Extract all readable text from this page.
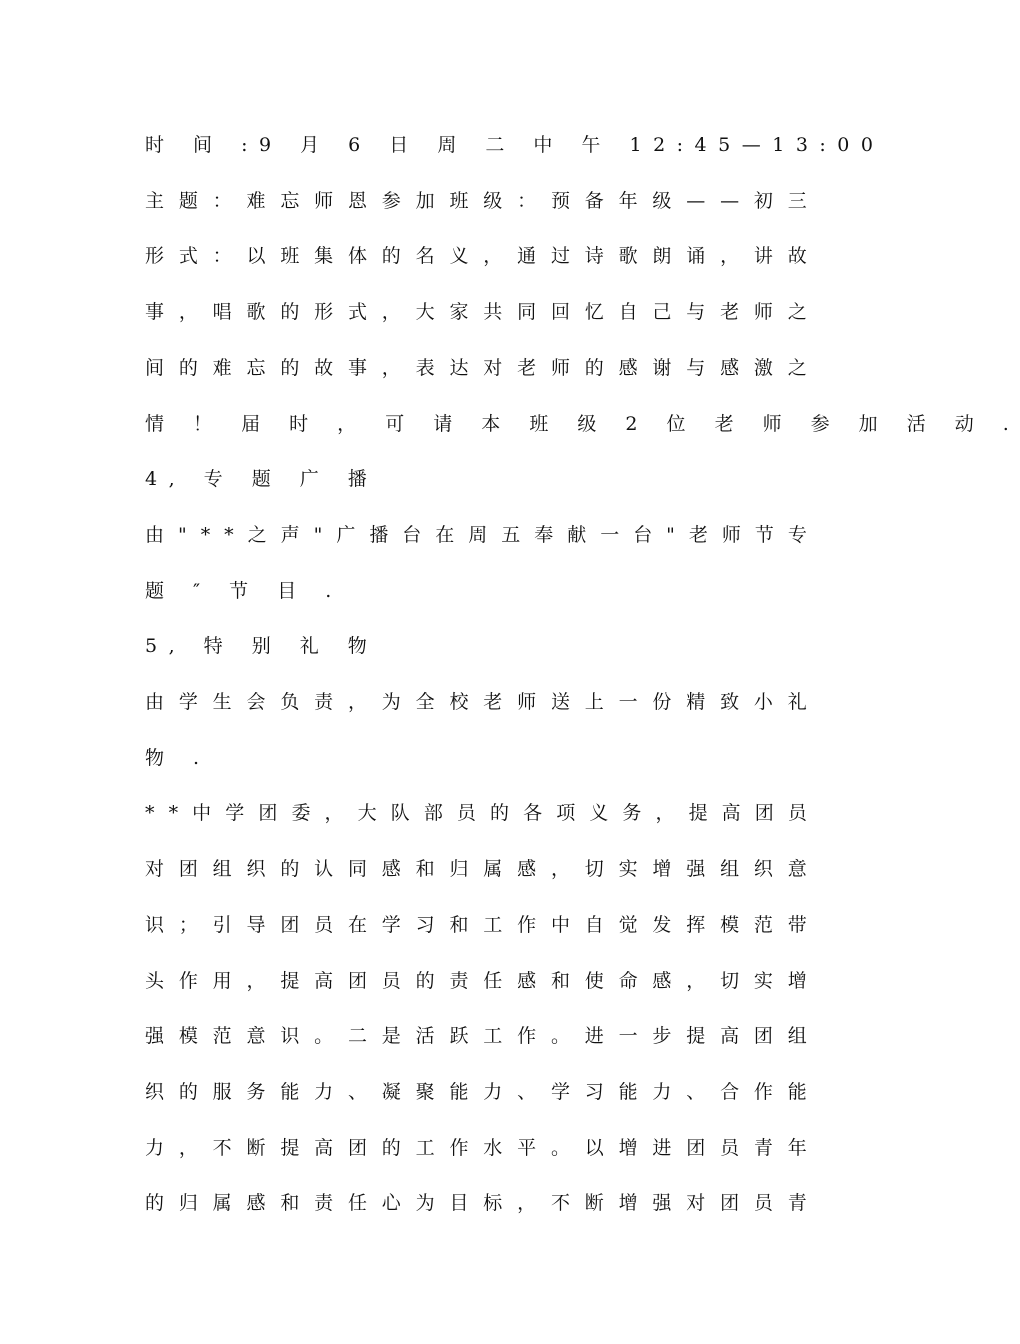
时 间 :9 月 6 日 周 二 中 午 12:45—13:00
主 题 ： 难 忘 师 恩 参 加 班 级 ： 预 备 年 级 — — 初 三
形 式 ： 以 班 集 体 的 名 义 ， 通 过 诗 歌 朗 诵 ， 讲 故
事 ， 唱 歌 的 形 式 ， 大 家 共 同 回 忆 自 己 与 老 师 之
间 的 难 忘 的 故 事 ， 表 达 对 老 师 的 感 谢 与 感 激 之
情 ！ 届 时 ， 可 请 本 班 级 2 位 老 师 参 加 活 动 .
4, 专 题 广 播
由 " * * 之 声 " 广 播 台 在 周 五 奉 献 一 台 " 老 师 节 专
题 ″ 节 目 .
5, 特 别 礼 物
由 学 生 会 负 责 ， 为 全 校 老 师 送 上 一 份 精 致 小 礼
物 .
* * 中 学 团 委 ， 大 队 部 员 的 各 项 义 务 ， 提 高 团 员
对 团 组 织 的 认 同 感 和 归 属 感 ， 切 实 增 强 组 织 意
识 ； 引 导 团 员 在 学 习 和 工 作 中 自 觉 发 挥 模 范 带
头 作 用 ， 提 高 团 员 的 责 任 感 和 使 命 感 ， 切 实 增
强 模 范 意 识 。 二 是 活 跃 工 作 。 进 一 步 提 高 团 组
织 的 服 务 能 力 、 凝 聚 能 力 、 学 习 能 力 、 合 作 能
力 ， 不 断 提 高 团 的 工 作 水 平 。 以 增 进 团 员 青 年
的 归 属 感 和 责 任 心 为 目 标 ， 不 断 增 强 对 团 员 青
